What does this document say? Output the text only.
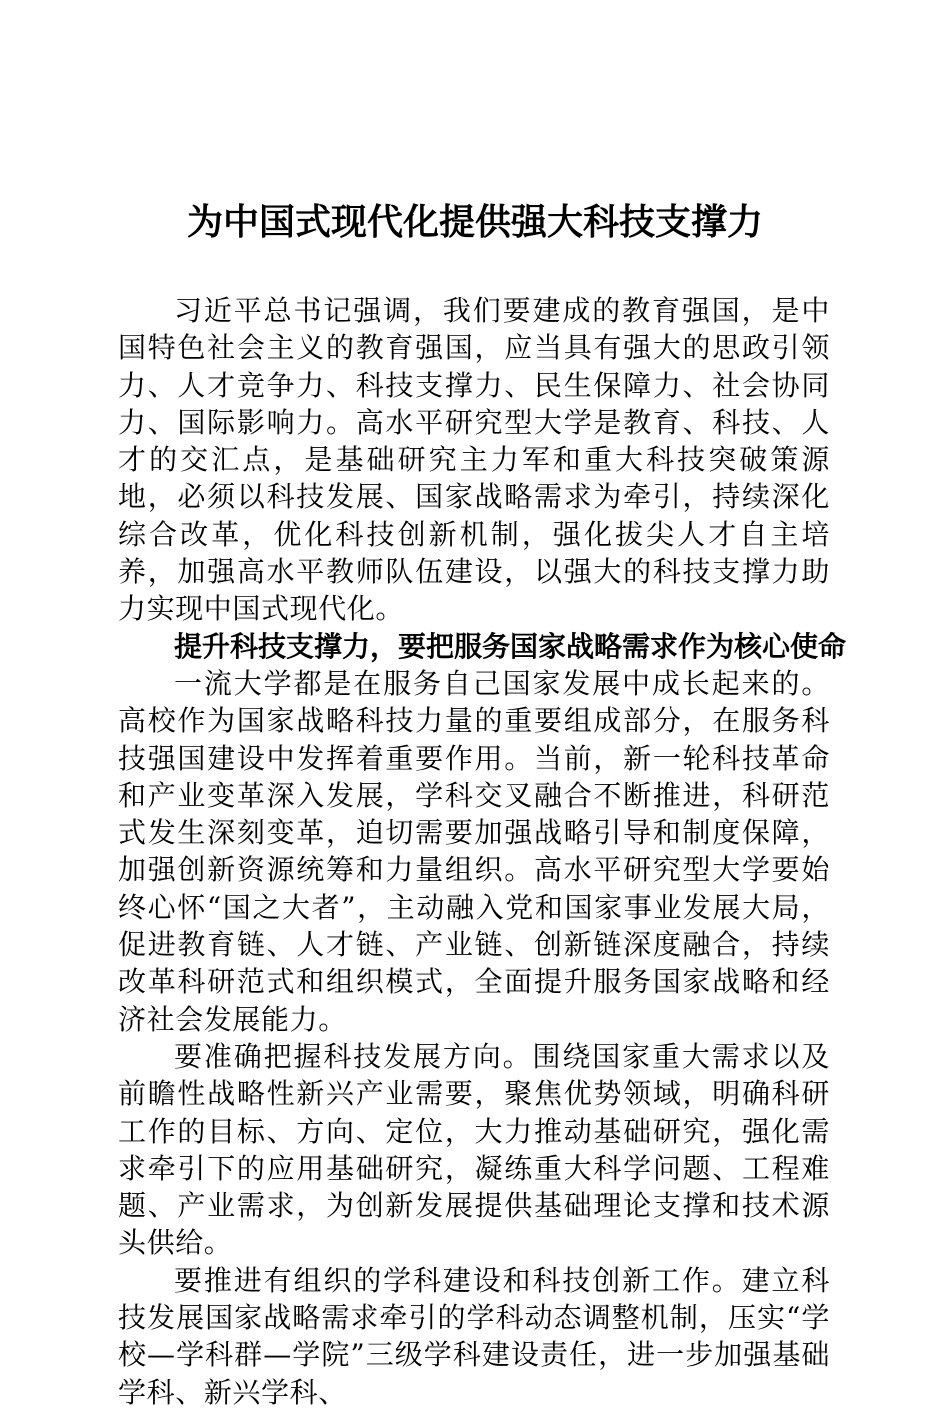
为中国式现代化提供强大科技支撑力

习近平总书记强调，我们要建成的教育强国，是中国特色社会主义的教育强国，应当具有强大的思政引领力、人才竞争力、科技支撑力、民生保障力、社会协同力、国际影响力。高水平研究型大学是教育、科技、人才的交汇点，是基础研究主力军和重大科技突破策源地，必须以科技发展、国家战略需求为牵引，持续深化综合改革，优化科技创新机制，强化拔尖人才自主培养，加强高水平教师队伍建设，以强大的科技支撑力助力实现中国式现代化。

提升科技支撑力，要把服务国家战略需求作为核心使命

一流大学都是在服务自己国家发展中成长起来的。高校作为国家战略科技力量的重要组成部分，在服务科技强国建设中发挥着重要作用。当前，新一轮科技革命和产业变革深入发展，学科交叉融合不断推进，科研范式发生深刻变革，迫切需要加强战略引导和制度保障，加强创新资源统筹和力量组织。高水平研究型大学要始终心怀“国之大者”，主动融入党和国家事业发展大局，促进教育链、人才链、产业链、创新链深度融合，持续改革科研范式和组织模式，全面提升服务国家战略和经济社会发展能力。

要准确把握科技发展方向。围绕国家重大需求以及前瞻性战略性新兴产业需要，聚焦优势领域，明确科研工作的目标、方向、定位，大力推动基础研究，强化需求牵引下的应用基础研究，凝练重大科学问题、工程难题、产业需求，为创新发展提供基础理论支撑和技术源头供给。

要推进有组织的学科建设和科技创新工作。建立科技发展国家战略需求牵引的学科动态调整机制，压实“学校—学科群—学院”三级学科建设责任，进一步加强基础学科、新兴学科、
